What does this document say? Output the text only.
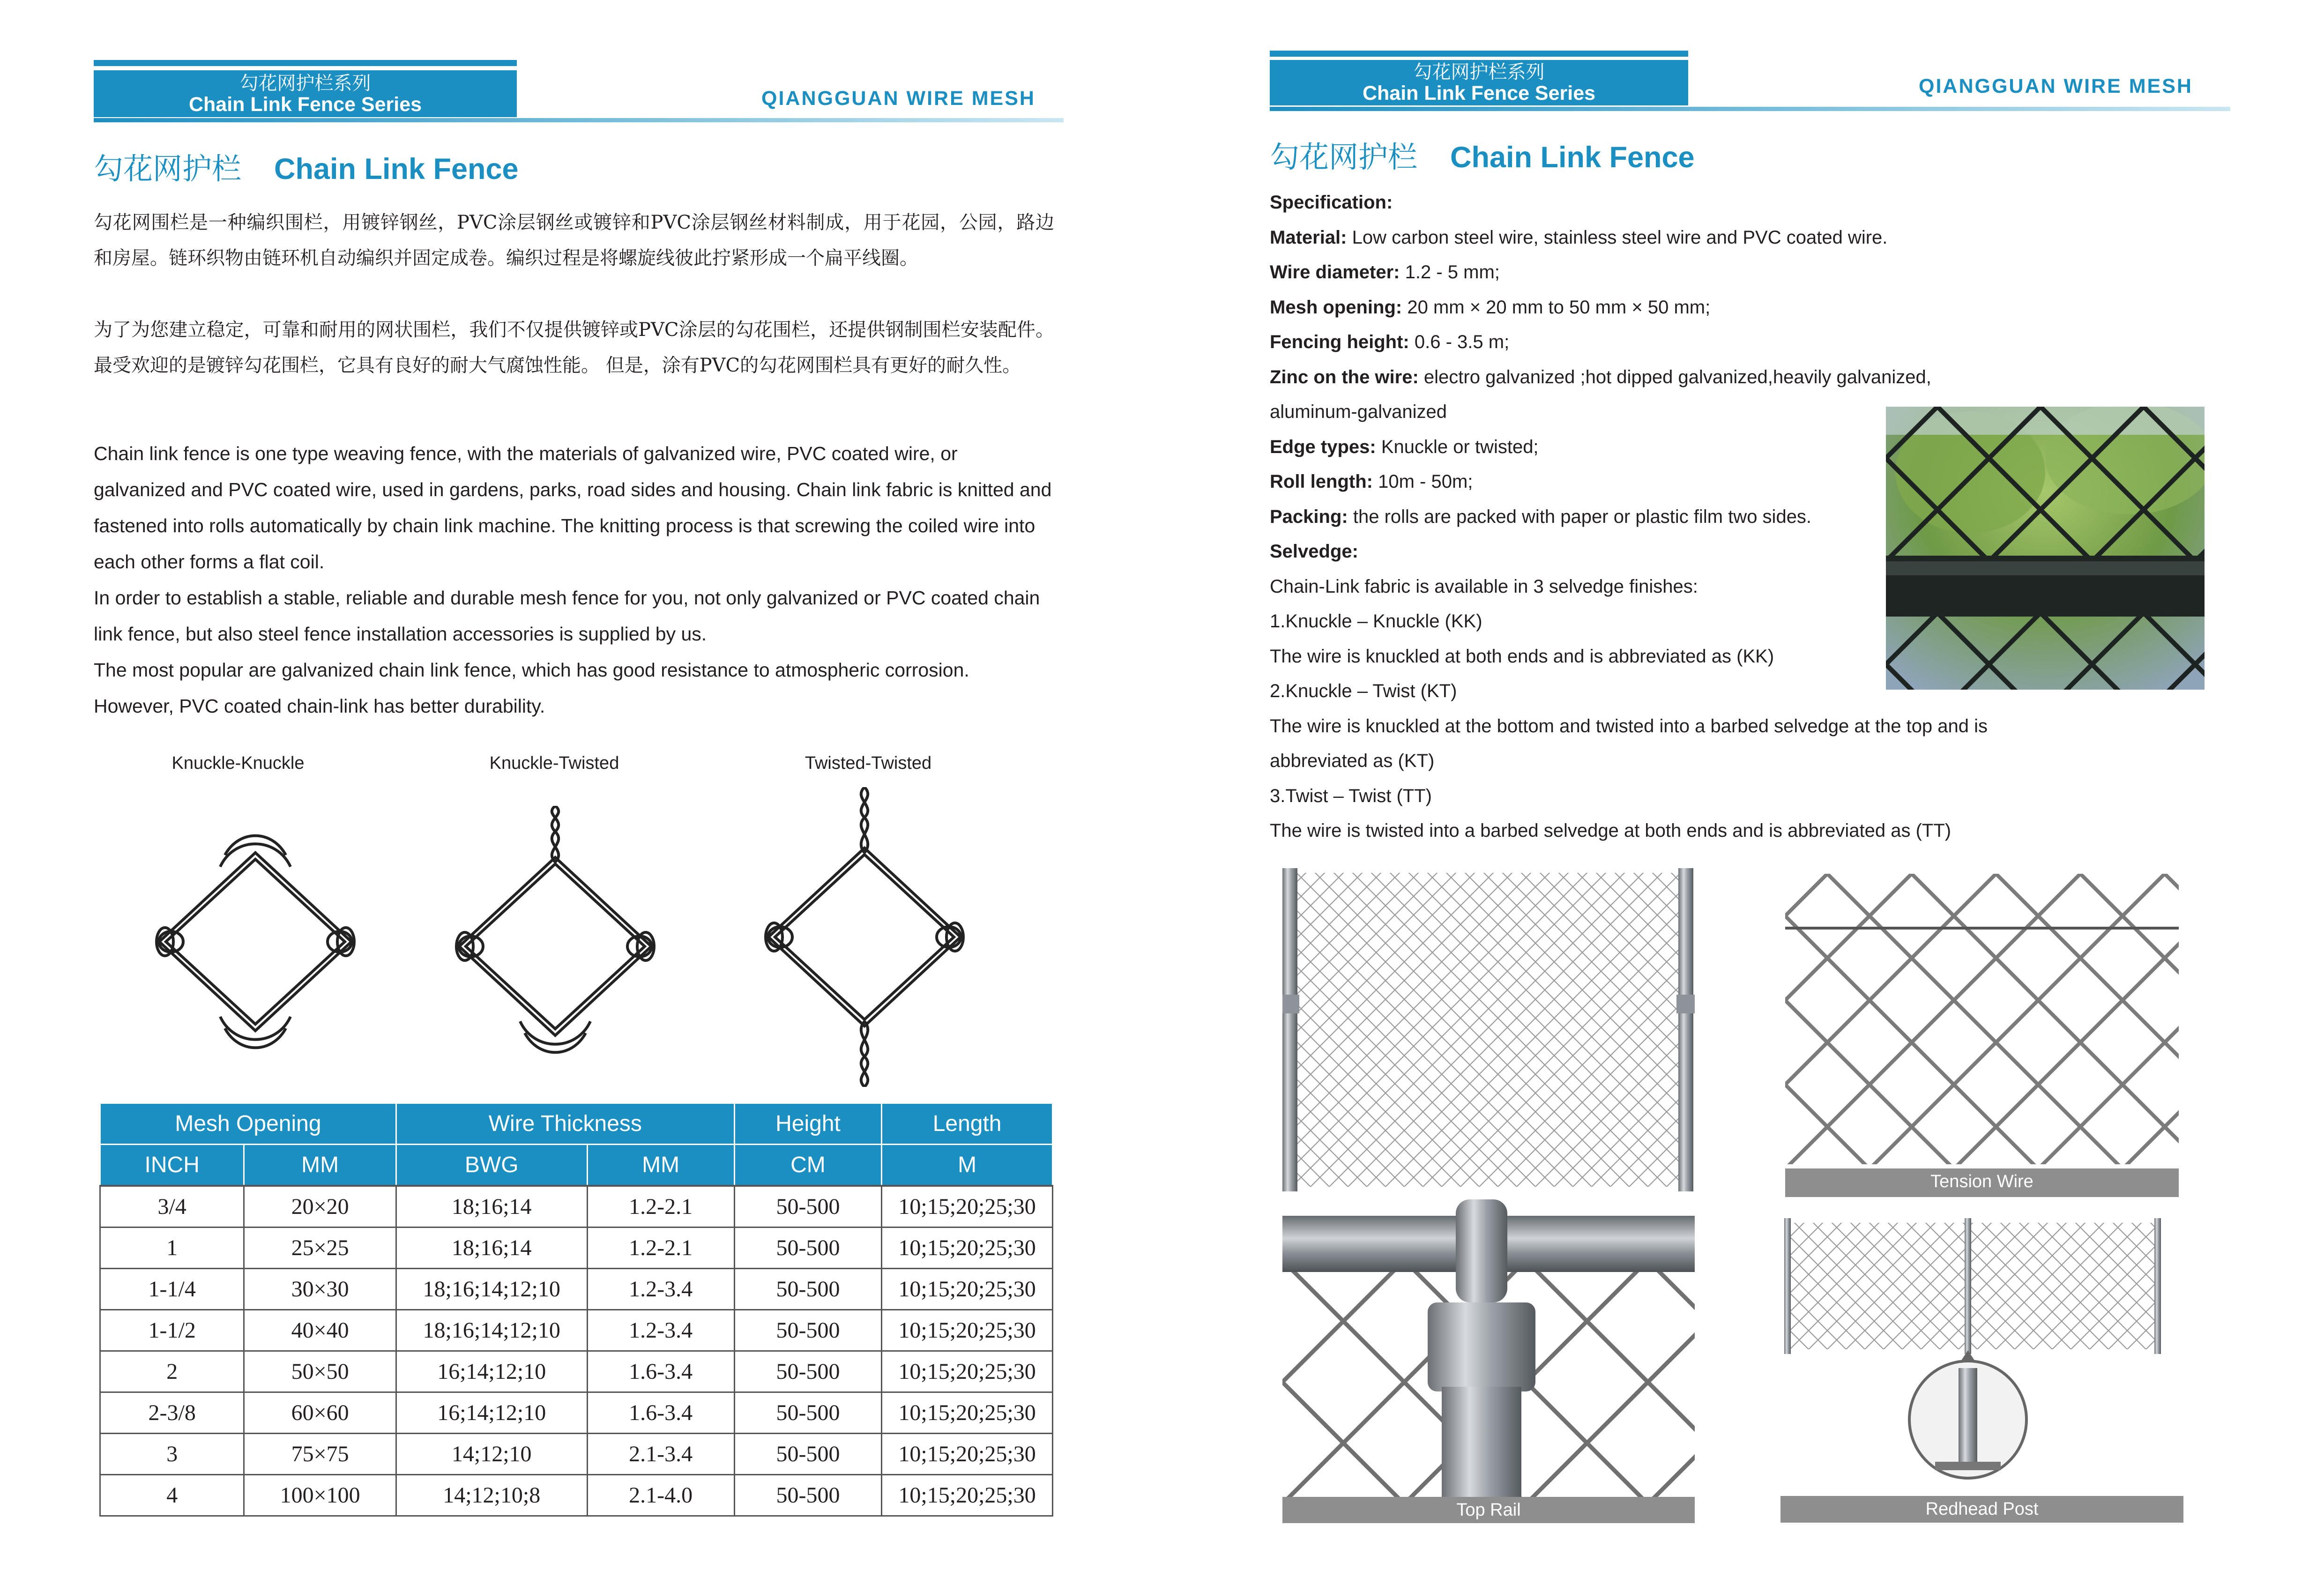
勾花网护栏系列
Chain Link Fence Series	QIANGGUAN WIRE MESH
勾花网护栏 Chain Link Fence
勾花网围栏是一种编织围栏，用镀锌钢丝，PVC涂层钢丝或镀锌和PVC涂层钢丝材料制成，用于花园，公园，路边和房屋。链环织物由链环机自动编织并固定成卷。编织过程是将螺旋线彼此拧紧形成一个扁平线圈。
为了为您建立稳定，可靠和耐用的网状围栏，我们不仅提供镀锌或PVC涂层的勾花围栏，还提供钢制围栏安装配件。 最受欢迎的是镀锌勾花围栏，它具有良好的耐大气腐蚀性能。 但是，涂有PVC的勾花网围栏具有更好的耐久性。
Chain link fence is one type weaving fence, with the materials of galvanized wire, PVC coated wire, or galvanized and PVC coated wire, used in gardens, parks, road sides and housing. Chain link fabric is knitted and fastened into rolls automatically by chain link machine. The knitting process is that screwing the coiled wire into each other forms a flat coil.
In order to establish a stable, reliable and durable mesh fence for you, not only galvanized or PVC coated chain link fence, but also steel fence installation accessories is supplied by us.
The most popular are galvanized chain link fence, which has good resistance to atmospheric corrosion. However, PVC coated chain-link has better durability.
Knuckle-Knuckle	Knuckle-Twisted	Twisted-Twisted
Mesh Opening		Wire Thickness		Height	Length
INCH	MM	BWG	MM	CM	M
3/4	20×20	18;16;14	1.2-2.1	50-500	10;15;20;25;30
1	25×25	18;16;14	1.2-2.1	50-500	10;15;20;25;30
1-1/4	30×30	18;16;14;12;10	1.2-3.4	50-500	10;15;20;25;30
1-1/2	40×40	18;16;14;12;10	1.2-3.4	50-500	10;15;20;25;30
2	50×50	16;14;12;10	1.6-3.4	50-500	10;15;20;25;30
2-3/8	60×60	16;14;12;10	1.6-3.4	50-500	10;15;20;25;30
3	75×75	14;12;10	2.1-3.4	50-500	10;15;20;25;30
4	100×100	14;12;10;8	2.1-4.0	50-500	10;15;20;25;30
勾花网护栏系列
Chain Link Fence Series	QIANGGUAN WIRE MESH
勾花网护栏 Chain Link Fence
Specification:
Material: Low carbon steel wire, stainless steel wire and PVC coated wire.
Wire diameter: 1.2 - 5 mm;
Mesh opening: 20 mm × 20 mm to 50 mm × 50 mm;
Fencing height: 0.6 - 3.5 m;
Zinc on the wire: electro galvanized ;hot dipped galvanized,heavily galvanized,
aluminum-galvanized
Edge types: Knuckle or twisted;
Roll length: 10m - 50m;
Packing: the rolls are packed with paper or plastic film two sides.
Selvedge:
Chain-Link fabric is available in 3 selvedge finishes:
1.Knuckle – Knuckle (KK)
The wire is knuckled at both ends and is abbreviated as (KK)
2.Knuckle – Twist (KT)
The wire is knuckled at the bottom and twisted into a barbed selvedge at the top and is
abbreviated as (KT)
3.Twist – Twist (TT)
The wire is twisted into a barbed selvedge at both ends and is abbreviated as (TT)
Tension Wire
Top Rail	Redhead Post
